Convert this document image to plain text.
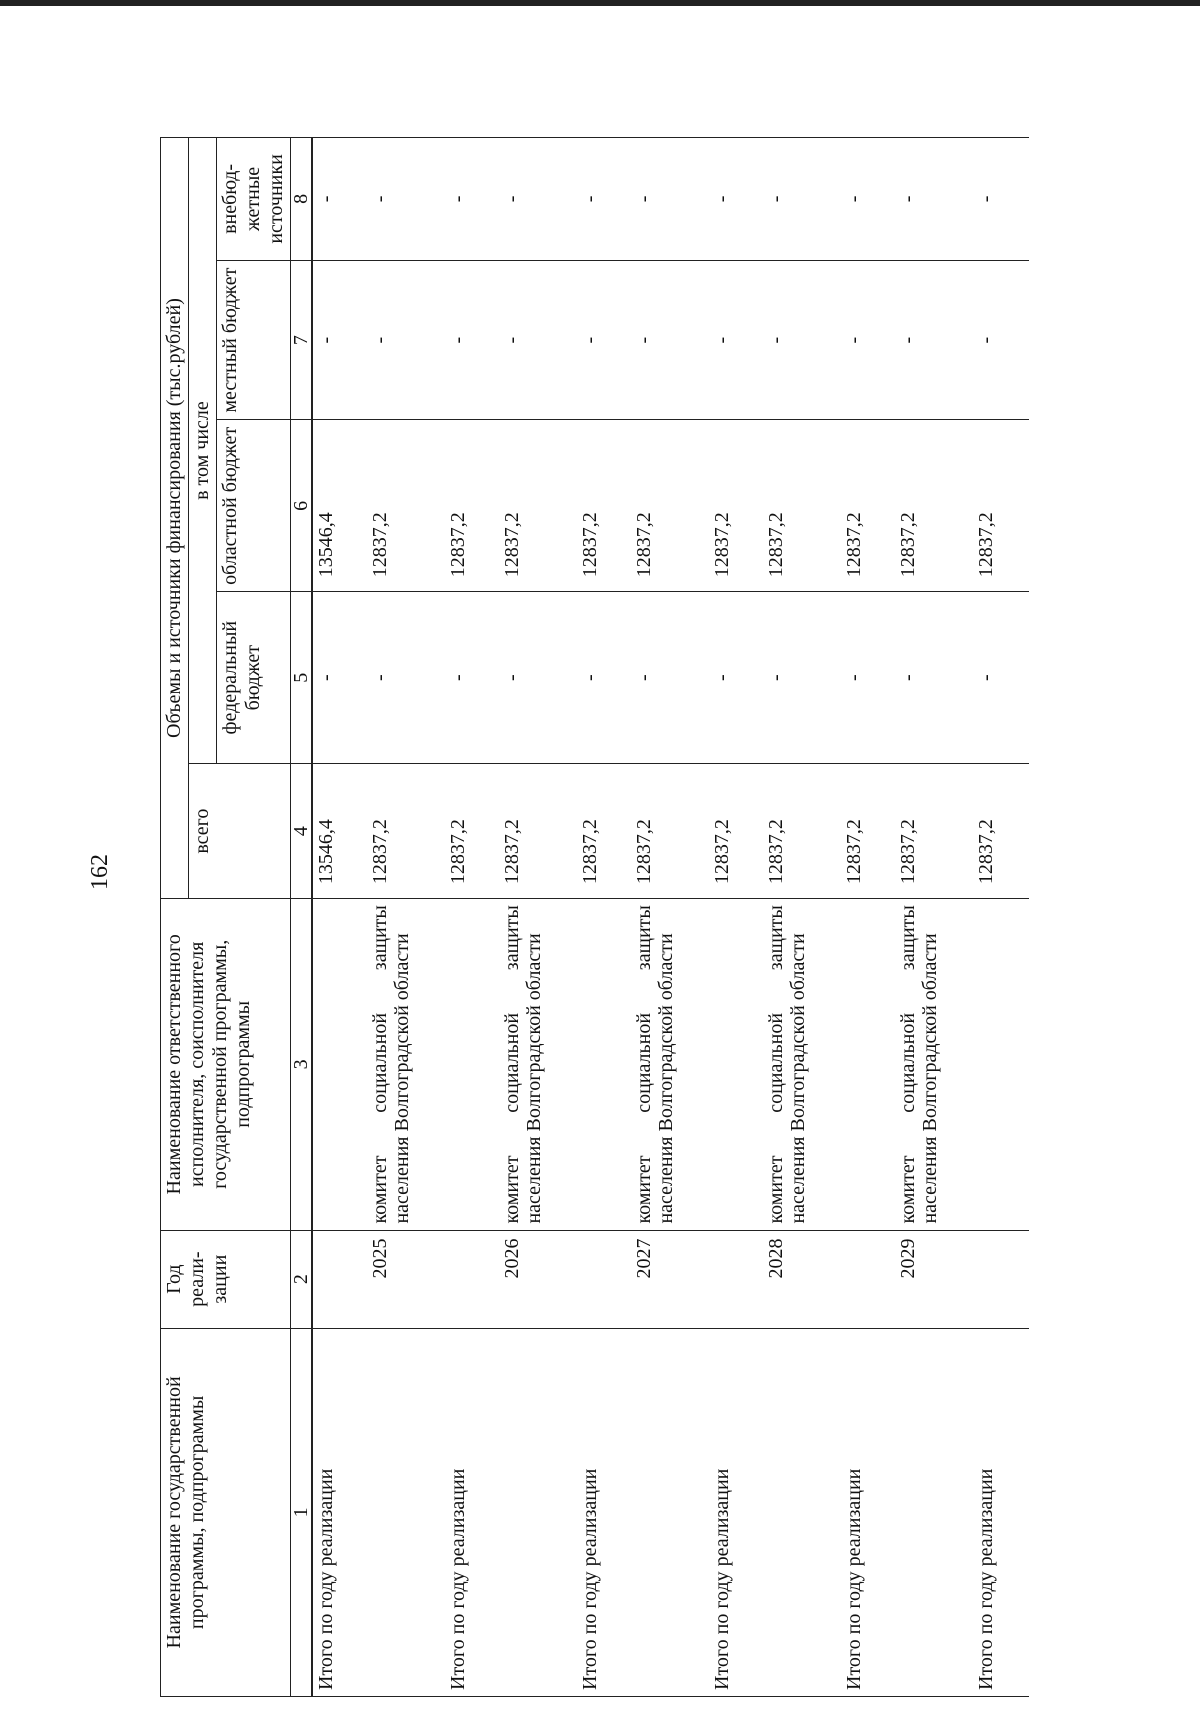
162
Наименование государственной программы, подпрограммы	Год реали-зации	Наименование ответственного исполнителя, соисполнителя государственной программы, подпрограммы	Объемы и источники финансирования (тыс.рублей)				
			всего	в том числе			
				федеральный бюджет	областной бюджет	местный бюджет	внебюд-жетные источники
1	2	3	4	5	6	7	8
Итого по году реализации			13546,4	-	13546,4	-	-
	2025	комитет социальной защиты населения Волгоградской области	12837,2	-	12837,2	-	-
Итого по году реализации			12837,2	-	12837,2	-	-
	2026	комитет социальной защиты населения Волгоградской области	12837,2	-	12837,2	-	-
Итого по году реализации			12837,2	-	12837,2	-	-
	2027	комитет социальной защиты населения Волгоградской области	12837,2	-	12837,2	-	-
Итого по году реализации			12837,2	-	12837,2	-	-
	2028	комитет социальной защиты населения Волгоградской области	12837,2	-	12837,2	-	-
Итого по году реализации			12837,2	-	12837,2	-	-
	2029	комитет социальной защиты населения Волгоградской области	12837,2	-	12837,2	-	-
Итого по году реализации			12837,2	-	12837,2	-	-
